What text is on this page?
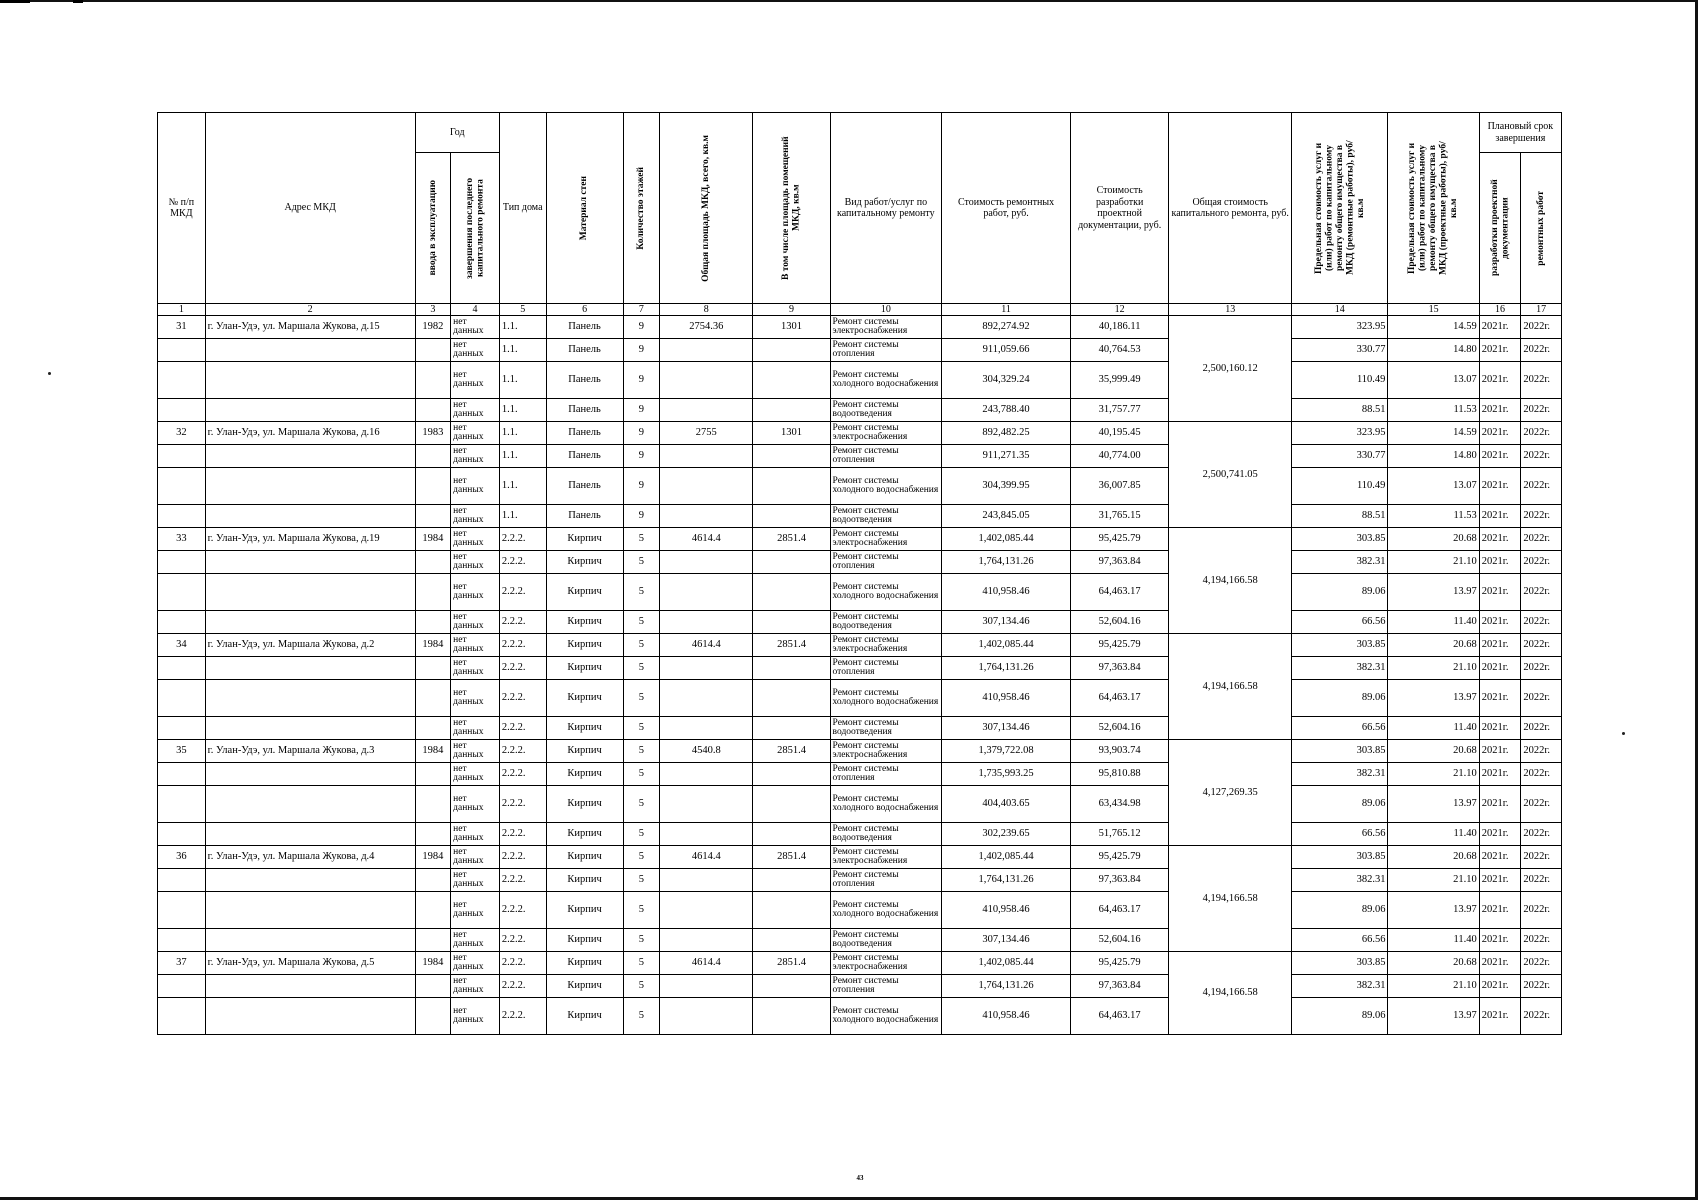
№ п/п МКД	Адрес МКД	Год		Тип дома	Материал стен	Количество этажей	Общая площадь МКД, всего, кв.м	В том числе площадь помещений МКД, кв.м	Вид работ/услуг по капитальному ремонту	Стоимость ремонтных работ, руб.	Стоимость разработки проектной документации, руб.	Общая стоимость капитального ремонта, руб.	Предельная стоимость услуг и (или) работ по капитальному ремонту общего имущества в МКД (ремонтные работы), руб/кв.м	Предельная стоимость услуг и (или) работ по капитальному ремонту общего имущества в МКД (проектные работы), руб/кв.м	Плановый срок завершения	

		ввода в эксплуатацию	завершения последнего капитального ремонта												разработки проектной документации	ремонтных работ

1	2	3	4	5	6	7	8	9	10	11	12	13	14	15	16	17
31	г. Улан-Удэ, ул. Маршала Жукова, д.15	1982	нет данных	1.1.	Панель	9	2754.36	1301	Ремонт системы электроснабжения	892,274.92	40,186.11	2,500,160.12	323.95	14.59	2021г.	2022г.
			нет данных	1.1.	Панель	9			Ремонт системы отопления	911,059.66	40,764.53		330.77	14.80	2021г.	2022г.
			нет данных	1.1.	Панель	9			Ремонт системы холодного водоснабжения	304,329.24	35,999.49		110.49	13.07	2021г.	2022г.
			нет данных	1.1.	Панель	9			Ремонт системы водоотведения	243,788.40	31,757.77		88.51	11.53	2021г.	2022г.
32	г. Улан-Удэ, ул. Маршала Жукова, д.16	1983	нет данных	1.1.	Панель	9	2755	1301	Ремонт системы электроснабжения	892,482.25	40,195.45	2,500,741.05	323.95	14.59	2021г.	2022г.
			нет данных	1.1.	Панель	9			Ремонт системы отопления	911,271.35	40,774.00		330.77	14.80	2021г.	2022г.
			нет данных	1.1.	Панель	9			Ремонт системы холодного водоснабжения	304,399.95	36,007.85		110.49	13.07	2021г.	2022г.
			нет данных	1.1.	Панель	9			Ремонт системы водоотведения	243,845.05	31,765.15		88.51	11.53	2021г.	2022г.
33	г. Улан-Удэ, ул. Маршала Жукова, д.19	1984	нет данных	2.2.2.	Кирпич	5	4614.4	2851.4	Ремонт системы электроснабжения	1,402,085.44	95,425.79	4,194,166.58	303.85	20.68	2021г.	2022г.
			нет данных	2.2.2.	Кирпич	5			Ремонт системы отопления	1,764,131.26	97,363.84		382.31	21.10	2021г.	2022г.
			нет данных	2.2.2.	Кирпич	5			Ремонт системы холодного водоснабжения	410,958.46	64,463.17		89.06	13.97	2021г.	2022г.
			нет данных	2.2.2.	Кирпич	5			Ремонт системы водоотведения	307,134.46	52,604.16		66.56	11.40	2021г.	2022г.
34	г. Улан-Удэ, ул. Маршала Жукова, д.2	1984	нет данных	2.2.2.	Кирпич	5	4614.4	2851.4	Ремонт системы электроснабжения	1,402,085.44	95,425.79	4,194,166.58	303.85	20.68	2021г.	2022г.
			нет данных	2.2.2.	Кирпич	5			Ремонт системы отопления	1,764,131.26	97,363.84		382.31	21.10	2021г.	2022г.
			нет данных	2.2.2.	Кирпич	5			Ремонт системы холодного водоснабжения	410,958.46	64,463.17		89.06	13.97	2021г.	2022г.
			нет данных	2.2.2.	Кирпич	5			Ремонт системы водоотведения	307,134.46	52,604.16		66.56	11.40	2021г.	2022г.
35	г. Улан-Удэ, ул. Маршала Жукова, д.3	1984	нет данных	2.2.2.	Кирпич	5	4540.8	2851.4	Ремонт системы электроснабжения	1,379,722.08	93,903.74	4,127,269.35	303.85	20.68	2021г.	2022г.
			нет данных	2.2.2.	Кирпич	5			Ремонт системы отопления	1,735,993.25	95,810.88		382.31	21.10	2021г.	2022г.
			нет данных	2.2.2.	Кирпич	5			Ремонт системы холодного водоснабжения	404,403.65	63,434.98		89.06	13.97	2021г.	2022г.
			нет данных	2.2.2.	Кирпич	5			Ремонт системы водоотведения	302,239.65	51,765.12		66.56	11.40	2021г.	2022г.
36	г. Улан-Удэ, ул. Маршала Жукова, д.4	1984	нет данных	2.2.2.	Кирпич	5	4614.4	2851.4	Ремонт системы электроснабжения	1,402,085.44	95,425.79	4,194,166.58	303.85	20.68	2021г.	2022г.
			нет данных	2.2.2.	Кирпич	5			Ремонт системы отопления	1,764,131.26	97,363.84		382.31	21.10	2021г.	2022г.
			нет данных	2.2.2.	Кирпич	5			Ремонт системы холодного водоснабжения	410,958.46	64,463.17		89.06	13.97	2021г.	2022г.
			нет данных	2.2.2.	Кирпич	5			Ремонт системы водоотведения	307,134.46	52,604.16		66.56	11.40	2021г.	2022г.
37	г. Улан-Удэ, ул. Маршала Жукова, д.5	1984	нет данных	2.2.2.	Кирпич	5	4614.4	2851.4	Ремонт системы электроснабжения	1,402,085.44	95,425.79	4,194,166.58	303.85	20.68	2021г.	2022г.
			нет данных	2.2.2.	Кирпич	5			Ремонт системы отопления	1,764,131.26	97,363.84		382.31	21.10	2021г.	2022г.
			нет данных	2.2.2.	Кирпич	5			Ремонт системы холодного водоснабжения	410,958.46	64,463.17		89.06	13.97	2021г.	2022г.
43
